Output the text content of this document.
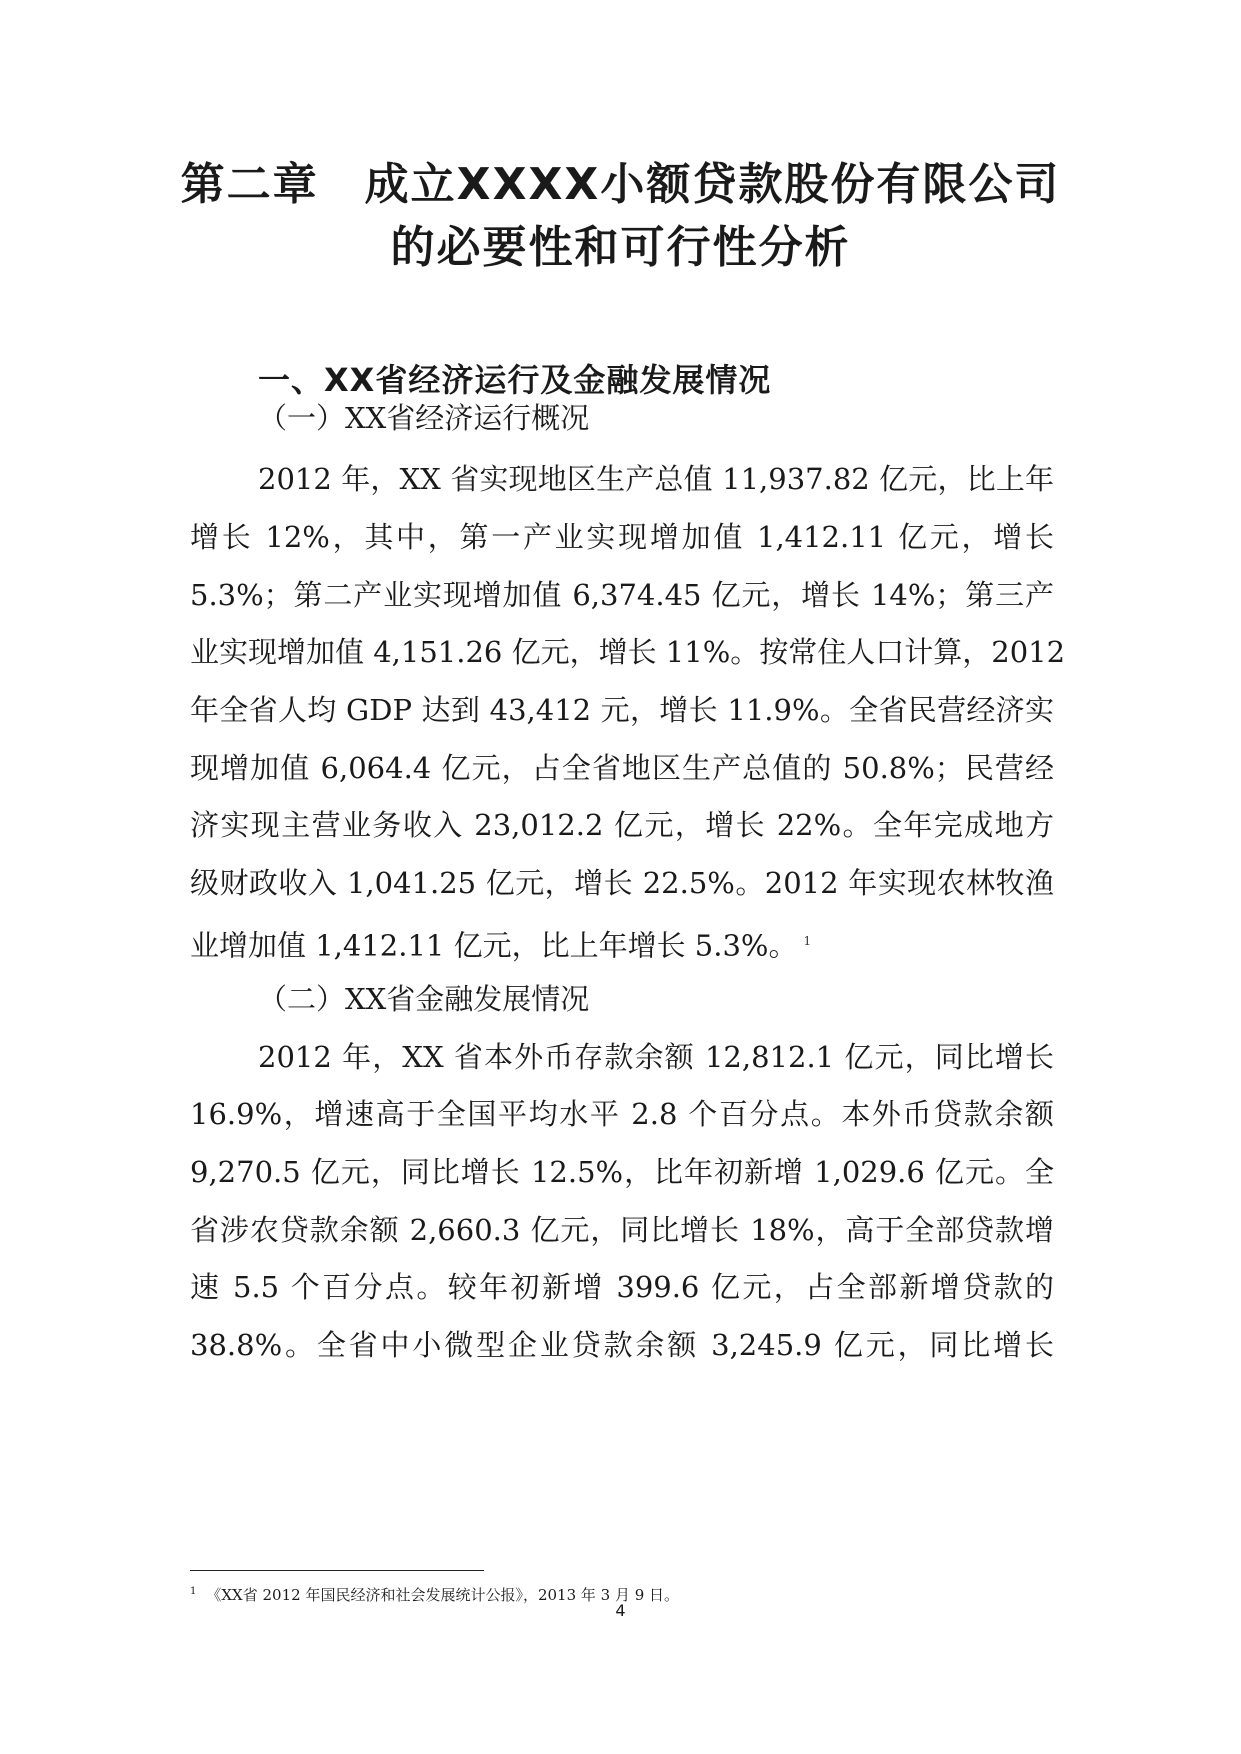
第二章　成立XXXX小额贷款股份有限公司
的必要性和可行性分析
一、XX省经济运行及金融发展情况
（一）XX省经济运行概况
2012 年，XX 省实现地区生产总值 11,937.82 亿元，比上年
增长 12%，其中，第一产业实现增加值 1,412.11 亿元，增长
5.3%；第二产业实现增加值 6,374.45 亿元，增长 14%；第三产
业实现增加值 4,151.26 亿元，增长 11%。按常住人口计算，2012
年全省人均 GDP 达到 43,412 元，增长 11.9%。全省民营经济实
现增加值 6,064.4 亿元，占全省地区生产总值的 50.8%；民营经
济实现主营业务收入 23,012.2 亿元，增长 22%。全年完成地方
级财政收入 1,041.25 亿元，增长 22.5%。2012 年实现农林牧渔
业增加值 1,412.11 亿元，比上年增长 5.3%。 $^1$
（二）XX省金融发展情况
2012 年，XX 省本外币存款余额 12,812.1 亿元，同比增长
16.9%，增速高于全国平均水平 2.8 个百分点。本外币贷款余额
9,270.5 亿元，同比增长 12.5%，比年初新增 1,029.6 亿元。全
省涉农贷款余额 2,660.3 亿元，同比增长 18%，高于全部贷款增
速 5.5 个百分点。较年初新增 399.6 亿元，占全部新增贷款的
38.8%。全省中小微型企业贷款余额 3,245.9 亿元，同比增长
$^1$ 《XX省 2012 年国民经济和社会发展统计公报》，2013 年 3 月 9 日。
4
